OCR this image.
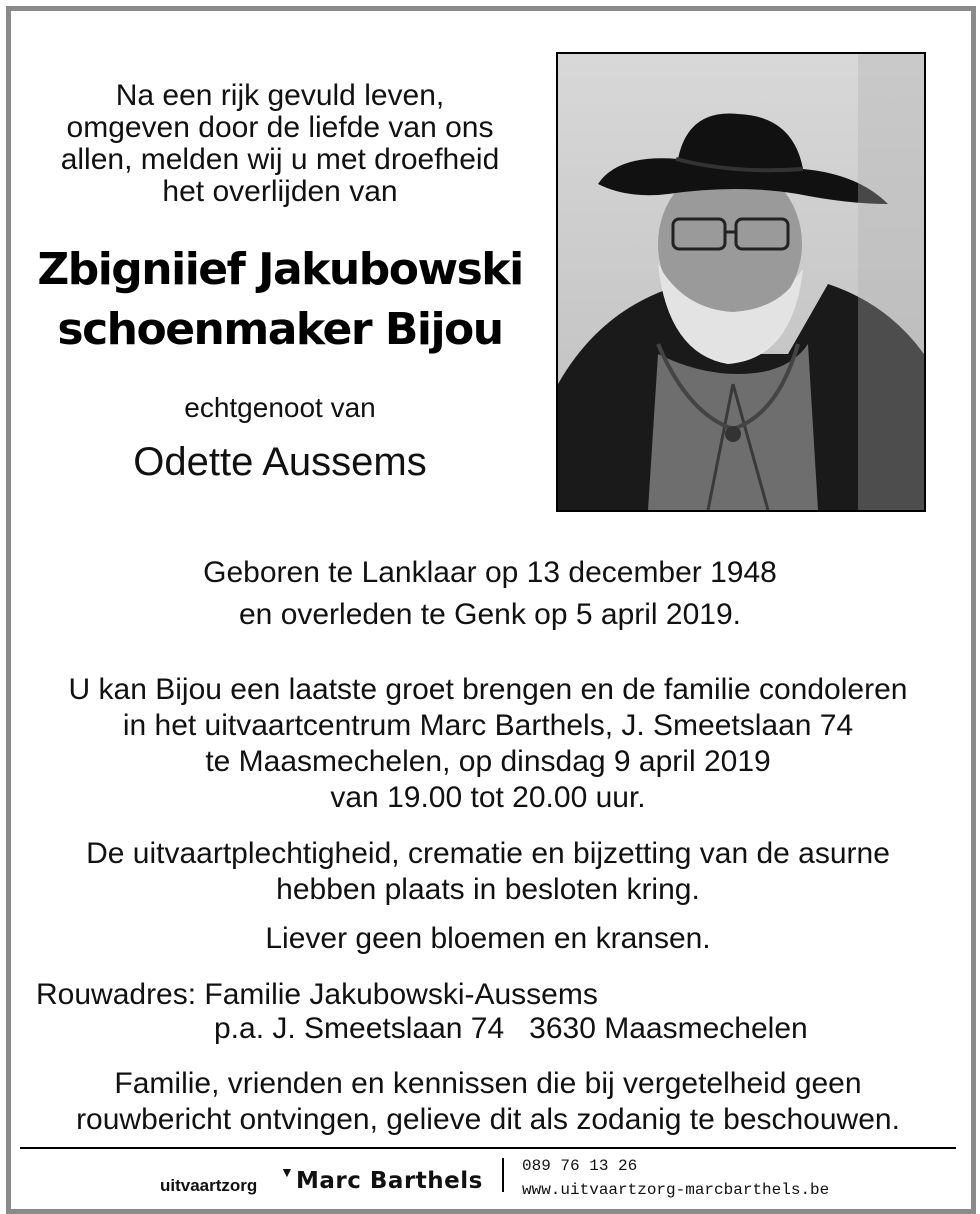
Na een rijk gevuld leven,
omgeven door de liefde van ons
allen, melden wij u met droefheid
het overlijden van
Zbigniief Jakubowski
schoenmaker Bijou
echtgenoot van
Odette Aussems
Geboren te Lanklaar op 13 december 1948
en overleden te Genk op 5 april 2019.
U kan Bijou een laatste groet brengen en de familie condoleren
in het uitvaartcentrum Marc Barthels, J. Smeetslaan 74
te Maasmechelen, op dinsdag 9 april 2019
van 19.00 tot 20.00 uur.
De uitvaartplechtigheid, crematie en bijzetting van de asurne
hebben plaats in besloten kring.
Liever geen bloemen en kransen.
Rouwadres: Familie Jakubowski-Aussems
p.a. J. Smeetslaan 74   3630 Maasmechelen
Familie, vrienden en kennissen die bij vergetelheid geen
rouwbericht ontvingen, gelieve dit als zodanig te beschouwen.
uitvaartzorg
▼ Marc Barthels
089 76 13 26
www.uitvaartzorg-marcbarthels.be
